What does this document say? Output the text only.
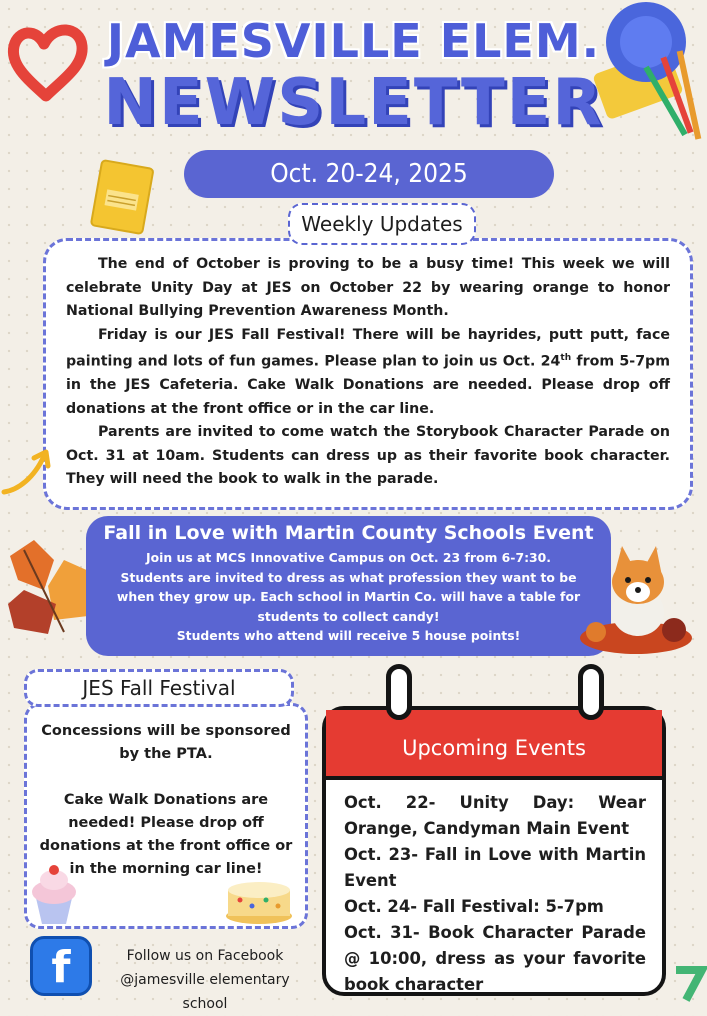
JAMESVILLE ELEM.
NEWSLETTER
Oct. 20-24, 2025
Weekly Updates

The end of October is proving to be a busy time! This week we will celebrate Unity Day at JES on October 22 by wearing orange to honor National Bullying Prevention Awareness Month.

Friday is our JES Fall Festival! There will be hayrides, putt putt, face painting and lots of fun games. Please plan to join us Oct. 24th from 5-7pm in the JES Cafeteria. Cake Walk Donations are needed. Please drop off donations at the front office or in the car line.

Parents are invited to come watch the Storybook Character Parade on Oct. 31 at 10am. Students can dress up as their favorite book character. They will need the book to walk in the parade.

Fall in Love with Martin County Schools Event

Join us at MCS Innovative Campus on Oct. 23 from 6-7:30.

Students are invited to dress as what profession they want to be

when they grow up. Each school in Martin Co. will have a table for

students to collect candy!

Students who attend will receive 5 house points!

JES Fall Festival

Concessions will be sponsored by the PTA.

Cake Walk Donations are needed! Please drop off donations at the front office or in the morning car line!

Upcoming Events

Oct. 22- Unity Day: Wear Orange, Candyman Main Event

Oct. 23- Fall in Love with Martin Event

Oct. 24- Fall Festival: 5-7pm

Oct. 31- Book Character Parade @ 10:00, dress as your favorite book character

f	Follow us on Facebook
@jamesville elementary school
